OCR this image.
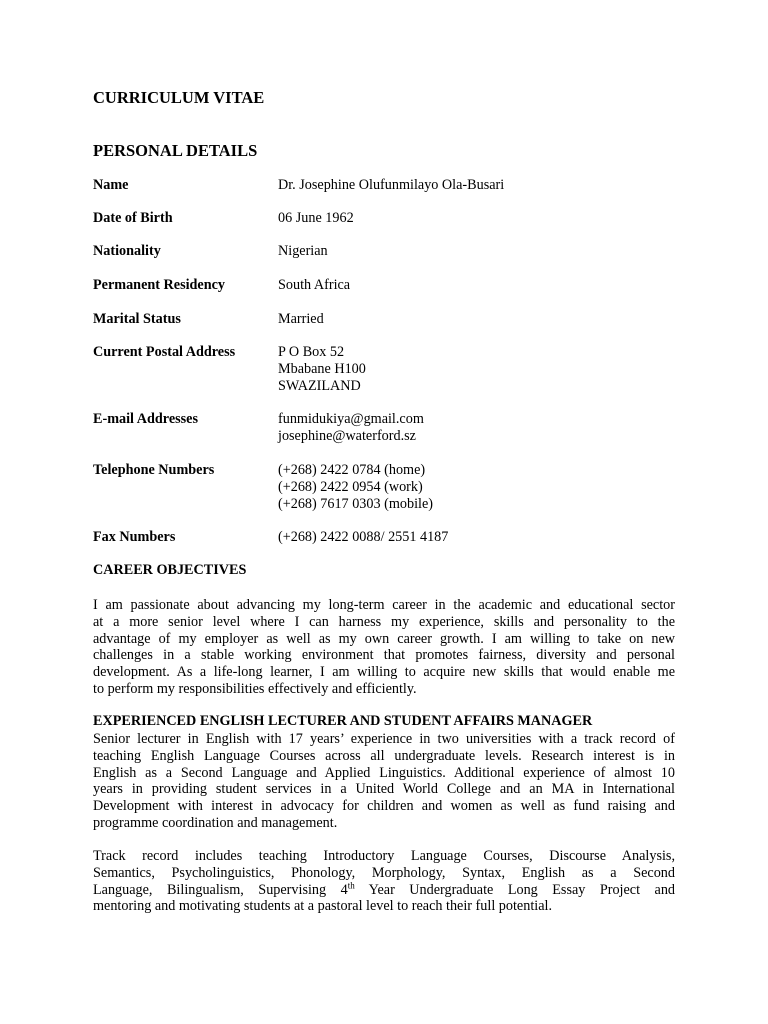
CURRICULUM VITAE
PERSONAL DETAILS
Name	Dr. Josephine Olufunmilayo Ola-Busari
Date of Birth	06 June 1962
Nationality	Nigerian
Permanent Residency	South Africa
Marital Status	Married
Current Postal Address	P O Box 52
Mbabane H100
SWAZILAND
E-mail Addresses	funmidukiya@gmail.com
josephine@waterford.sz
Telephone Numbers	(+268) 2422 0784 (home)
(+268) 2422 0954 (work)
(+268) 7617 0303 (mobile)
Fax Numbers	(+268) 2422 0088/ 2551 4187
CAREER OBJECTIVES
I am passionate about advancing my long-term career in the academic and educational sector
at a more senior level where I can harness my experience, skills and personality to the
advantage of my employer as well as my own career growth. I am willing to take on new
challenges in a stable working environment that promotes fairness, diversity and personal
development. As a life-long learner, I am willing to acquire new skills that would enable me
to perform my responsibilities effectively and efficiently.
EXPERIENCED ENGLISH LECTURER AND STUDENT AFFAIRS MANAGER
Senior lecturer in English with 17 years’ experience in two universities with a track record of
teaching English Language Courses across all undergraduate levels. Research interest is in
English as a Second Language and Applied Linguistics. Additional experience of almost 10
years in providing student services in a United World College and an MA in International
Development with interest in advocacy for children and women as well as fund raising and
programme coordination and management.
Track record includes teaching Introductory Language Courses, Discourse Analysis,
Semantics, Psycholinguistics, Phonology, Morphology, Syntax, English as a Second
Language, Bilingualism, Supervising 4th Year Undergraduate Long Essay Project and
mentoring and motivating students at a pastoral level to reach their full potential.
